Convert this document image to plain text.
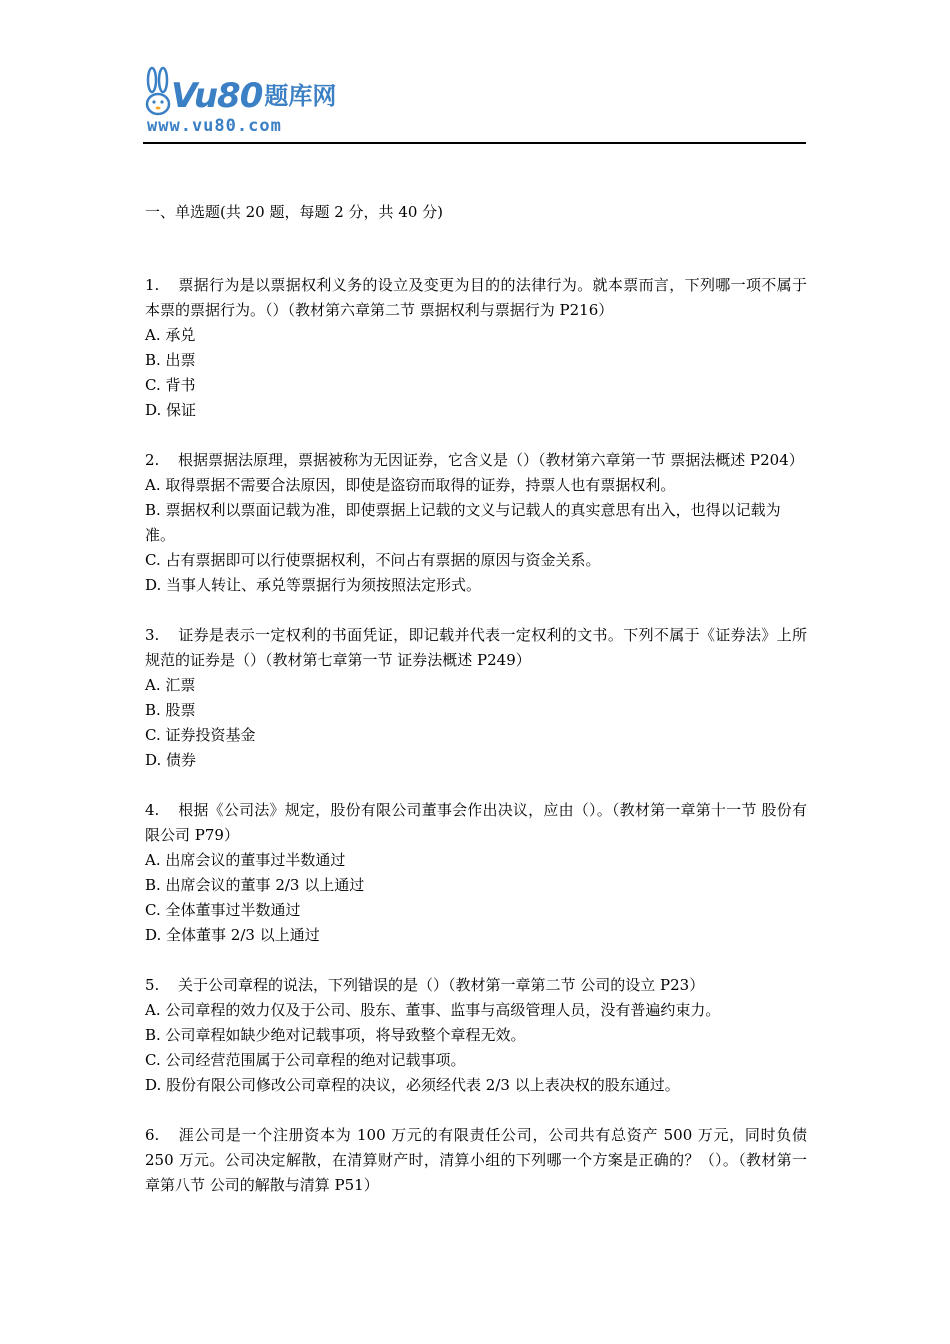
Vu80 题库网
www.vu80.com

一、单选题(共 20 题，每题 2 分，共 40 分)

1. 票据行为是以票据权利义务的设立及变更为目的的法律行为。就本票而言，下列哪一项不属于本票的票据行为。（）（教材第六章第二节 票据权利与票据行为 P216）

A. 承兑

B. 出票

C. 背书

D. 保证

2. 根据票据法原理，票据被称为无因证券，它含义是（）（教材第六章第一节 票据法概述 P204）

A. 取得票据不需要合法原因，即使是盗窃而取得的证券，持票人也有票据权利。

B. 票据权利以票面记载为准，即使票据上记载的文义与记载人的真实意思有出入，也得以记载为准。

C. 占有票据即可以行使票据权利，不问占有票据的原因与资金关系。

D. 当事人转让、承兑等票据行为须按照法定形式。

3. 证券是表示一定权利的书面凭证，即记载并代表一定权利的文书。下列不属于《证券法》上所规范的证券是（）（教材第七章第一节 证券法概述 P249）

A. 汇票

B. 股票

C. 证券投资基金

D. 债券

4. 根据《公司法》规定，股份有限公司董事会作出决议，应由（）。（教材第一章第十一节 股份有限公司 P79）

A. 出席会议的董事过半数通过

B. 出席会议的董事 2/3 以上通过

C. 全体董事过半数通过

D. 全体董事 2/3 以上通过

5. 关于公司章程的说法，下列错误的是（）（教材第一章第二节 公司的设立 P23）

A. 公司章程的效力仅及于公司、股东、董事、监事与高级管理人员，没有普遍约束力。

B. 公司章程如缺少绝对记载事项，将导致整个章程无效。

C. 公司经营范围属于公司章程的绝对记载事项。

D. 股份有限公司修改公司章程的决议，必须经代表 2/3 以上表决权的股东通过。

6. 涯公司是一个注册资本为 100 万元的有限责任公司，公司共有总资产 500 万元，同时负债 250 万元。公司决定解散，在清算财产时，清算小组的下列哪一个方案是正确的？（）。（教材第一章第八节 公司的解散与清算 P51）
